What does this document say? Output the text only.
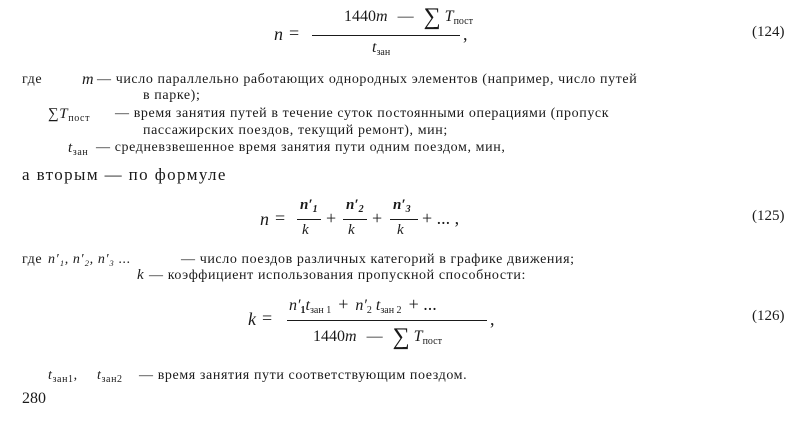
n =
1440m — ∑ $T_{пост}$
$t_{зан}$
,	(124)
где m — число параллельно работающих однородных элементов (например, число путей
в парке);
$\sum T_{пост}$ — время занятия путей в течение суток постоянными операциями (пропуск
пассажирских поездов, текущий ремонт), мин;
$t_{зан}$ — средневзвешенное время занятия пути одним поездом, мин,
а вторым — по формуле
n =
$n'_1$
k
+
$n'_2$
k
+
$n'_3$
k
+ ... ,	(125)
где n′₁, n′₂, n′₃ ...	— число поездов различных категорий в графике движения;
k — коэффициент использования пропускной способности:
k =
$n'_1t_{зан 1} + n'_2$ $t_{зан 2}$ + ...
1440m — ∑ $T_{пост}$
,	(126)
$t_{зан1}$, $t_{зан2}$ — время занятия пути соответствующим поездом.
280
